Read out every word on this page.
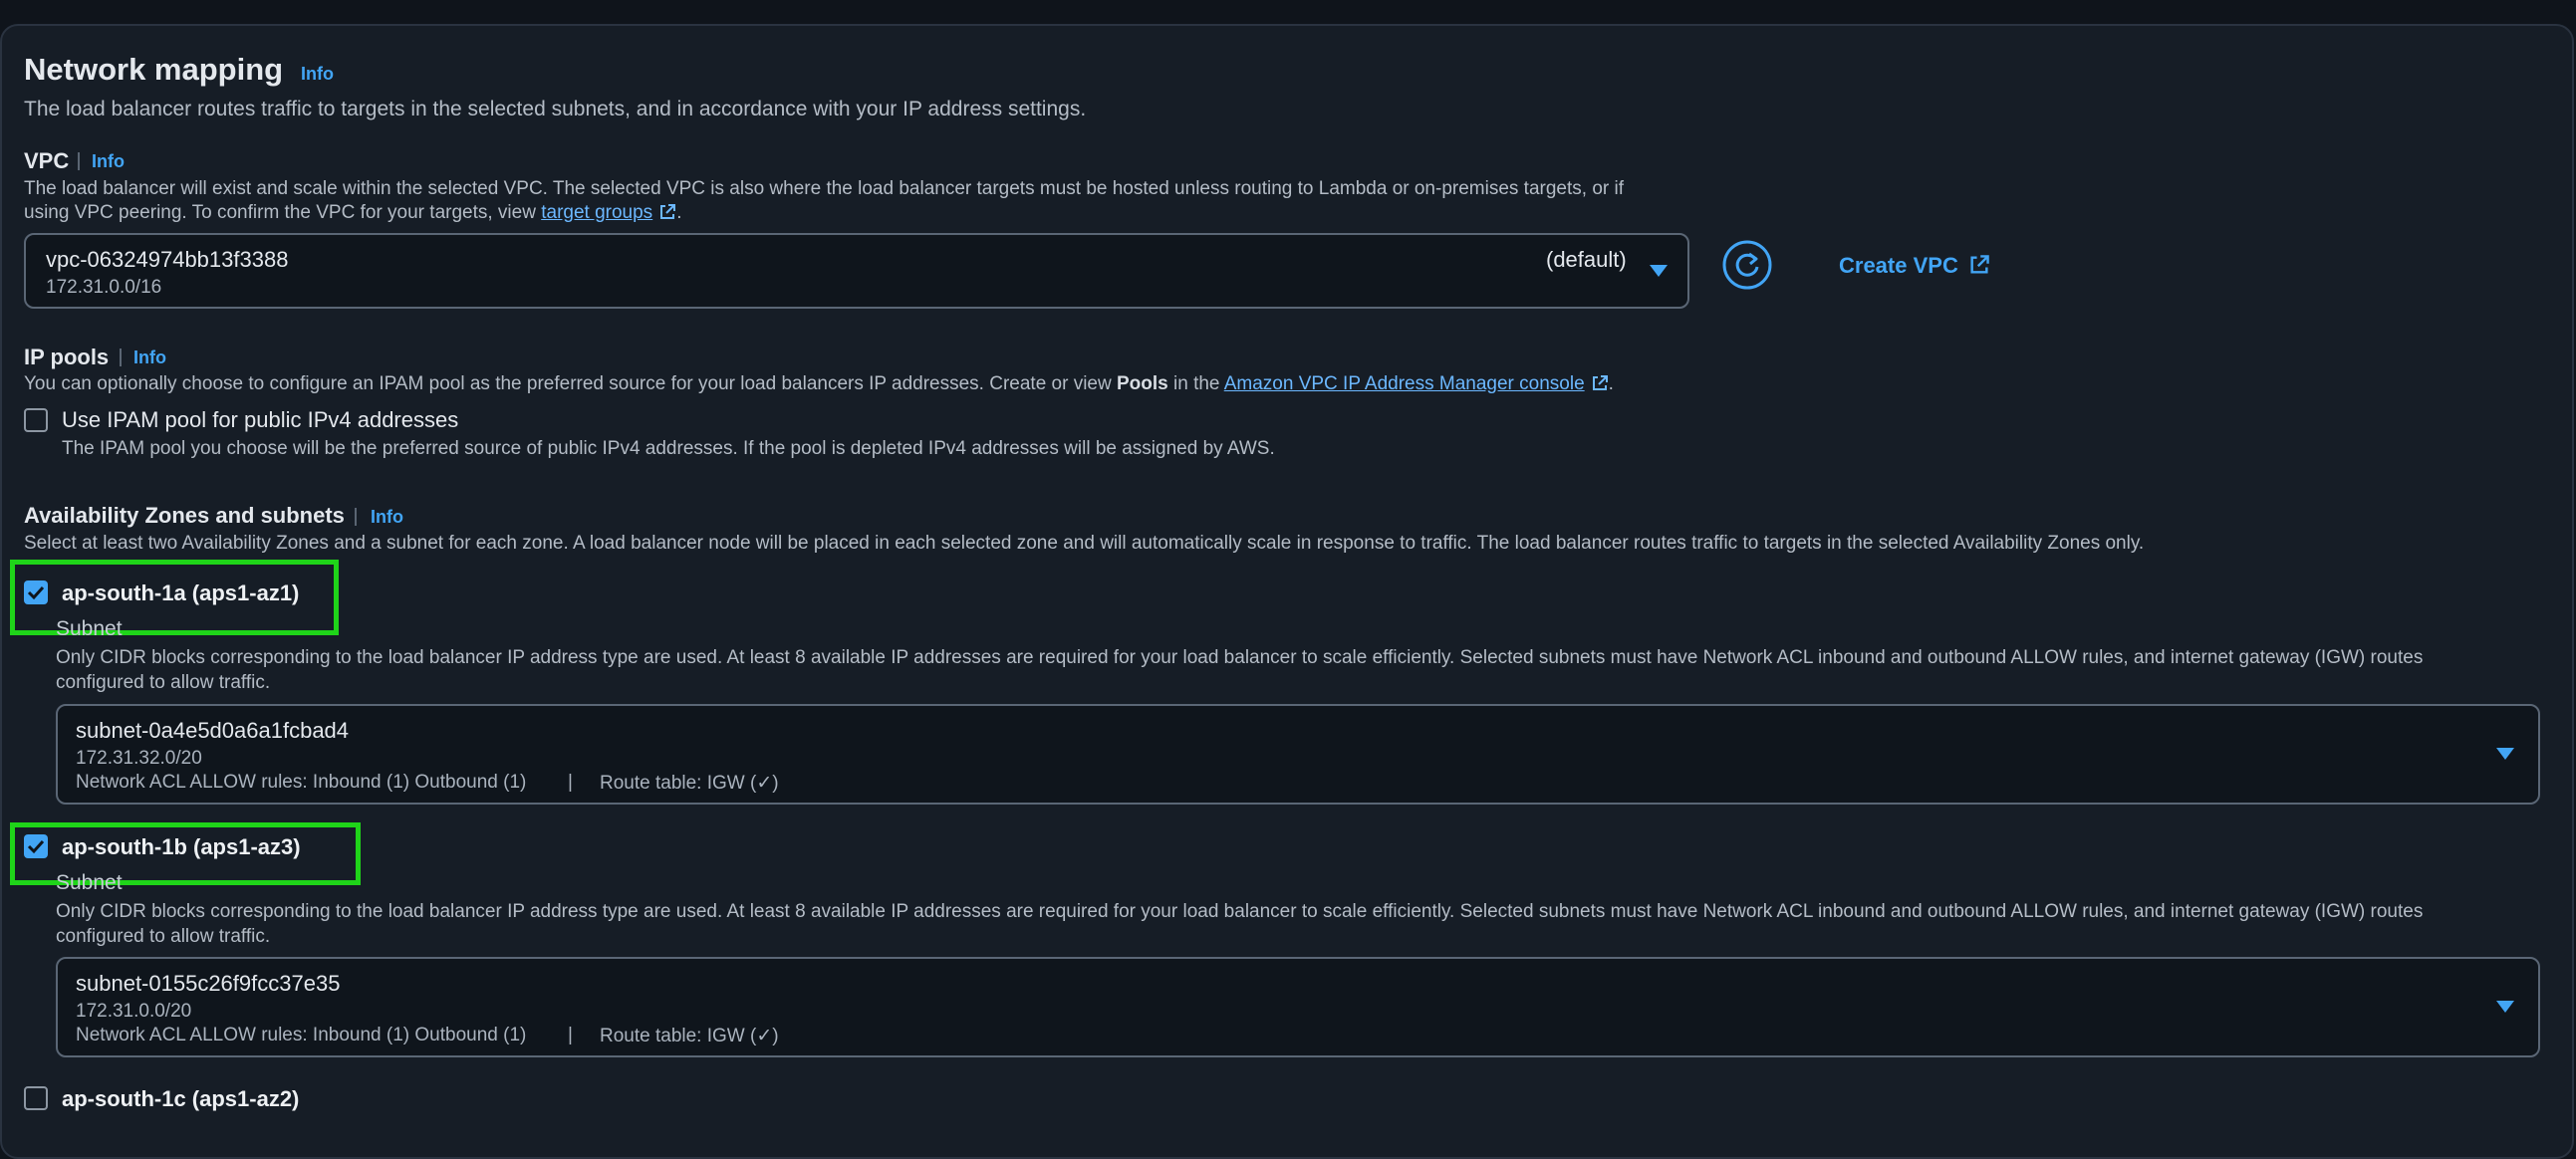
Network mapping Info
The load balancer routes traffic to targets in the selected subnets, and in accordance with your IP address settings.
VPC Info
The load balancer will exist and scale within the selected VPC. The selected VPC is also where the load balancer targets must be hosted unless routing to Lambda or on-premises targets, or if
using VPC peering. To confirm the VPC for your targets, view target groups .
vpc-06324974bb13f3388
172.31.0.0/16
(default)	Create VPC
IP pools Info
You can optionally choose to configure an IPAM pool as the preferred source for your load balancers IP addresses. Create or view Pools in the Amazon VPC IP Address Manager console .
Use IPAM pool for public IPv4 addresses
The IPAM pool you choose will be the preferred source of public IPv4 addresses. If the pool is depleted IPv4 addresses will be assigned by AWS.
Availability Zones and subnets Info
Select at least two Availability Zones and a subnet for each zone. A load balancer node will be placed in each selected zone and will automatically scale in response to traffic. The load balancer routes traffic to targets in the selected Availability Zones only.
ap-south-1a (aps1-az1)
Subnet
Only CIDR blocks corresponding to the load balancer IP address type are used. At least 8 available IP addresses are required for your load balancer to scale efficiently. Selected subnets must have Network ACL inbound and outbound ALLOW rules, and internet gateway (IGW) routes
configured to allow traffic.
subnet-0a4e5d0a6a1fcbad4
172.31.32.0/20
Network ACL ALLOW rules: Inbound (1) Outbound (1) | Route table: IGW (✓)
ap-south-1b (aps1-az3)
Subnet
Only CIDR blocks corresponding to the load balancer IP address type are used. At least 8 available IP addresses are required for your load balancer to scale efficiently. Selected subnets must have Network ACL inbound and outbound ALLOW rules, and internet gateway (IGW) routes
configured to allow traffic.
subnet-0155c26f9fcc37e35
172.31.0.0/20
Network ACL ALLOW rules: Inbound (1) Outbound (1) | Route table: IGW (✓)
ap-south-1c (aps1-az2)
